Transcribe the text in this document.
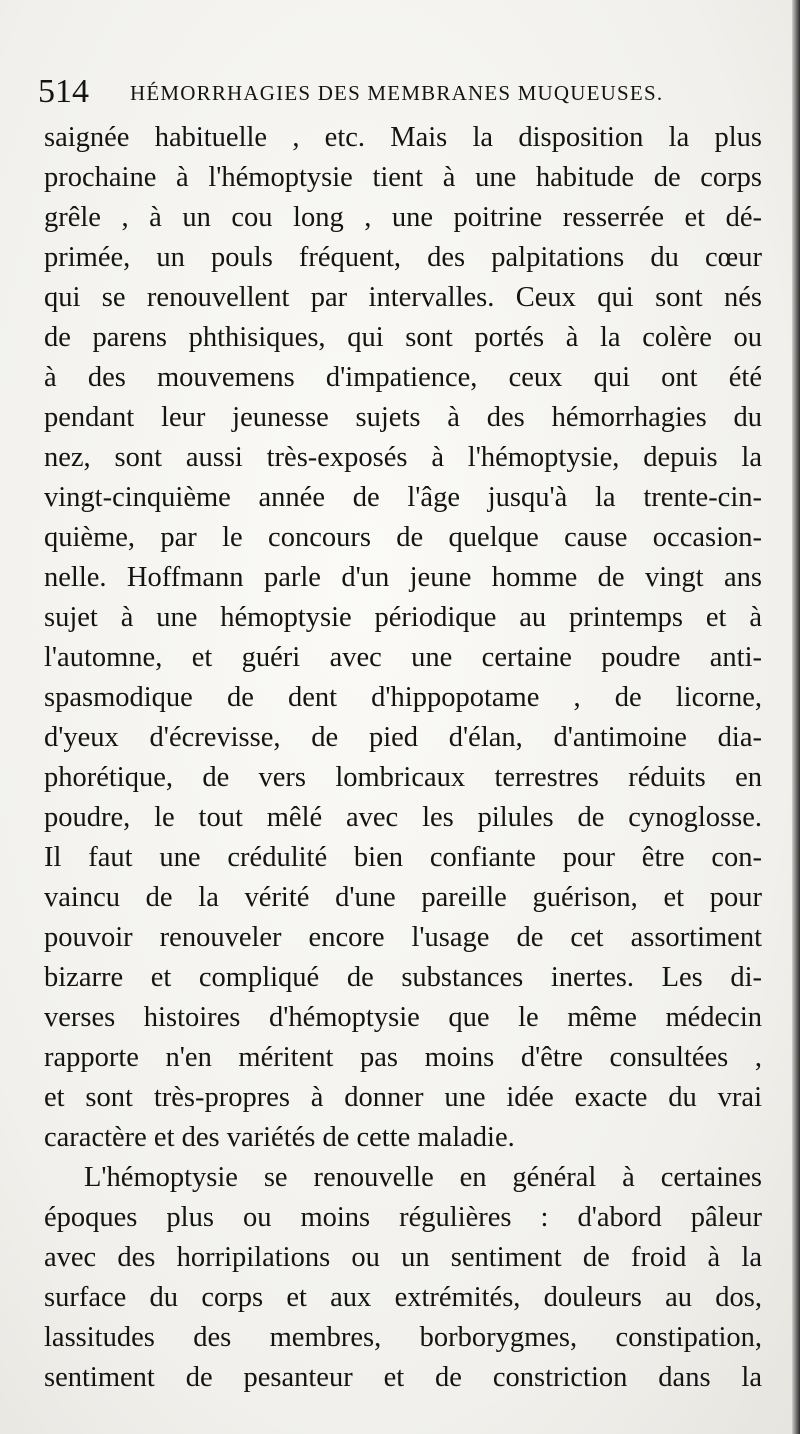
514 HÉMORRHAGIES DES MEMBRANES MUQUEUSES.
saignée habituelle , etc. Mais la disposition la plus
prochaine à l'hémoptysie tient à une habitude de corps
grêle , à un cou long , une poitrine resserrée et dé-
primée, un pouls fréquent, des palpitations du cœur
qui se renouvellent par intervalles. Ceux qui sont nés
de parens phthisiques, qui sont portés à la colère ou
à des mouvemens d'impatience, ceux qui ont été
pendant leur jeunesse sujets à des hémorrhagies du
nez, sont aussi très-exposés à l'hémoptysie, depuis la
vingt-cinquième année de l'âge jusqu'à la trente-cin-
quième, par le concours de quelque cause occasion-
nelle. Hoffmann parle d'un jeune homme de vingt ans
sujet à une hémoptysie périodique au printemps et à
l'automne, et guéri avec une certaine poudre anti-
spasmodique de dent d'hippopotame , de licorne,
d'yeux d'écrevisse, de pied d'élan, d'antimoine dia-
phorétique, de vers lombricaux terrestres réduits en
poudre, le tout mêlé avec les pilules de cynoglosse.
Il faut une crédulité bien confiante pour être con-
vaincu de la vérité d'une pareille guérison, et pour
pouvoir renouveler encore l'usage de cet assortiment
bizarre et compliqué de substances inertes. Les di-
verses histoires d'hémoptysie que le même médecin
rapporte n'en méritent pas moins d'être consultées ,
et sont très-propres à donner une idée exacte du vrai
caractère et des variétés de cette maladie.
L'hémoptysie se renouvelle en général à certaines
époques plus ou moins régulières : d'abord pâleur
avec des horripilations ou un sentiment de froid à la
surface du corps et aux extrémités, douleurs au dos,
lassitudes des membres, borborygmes, constipation,
sentiment de pesanteur et de constriction dans la
